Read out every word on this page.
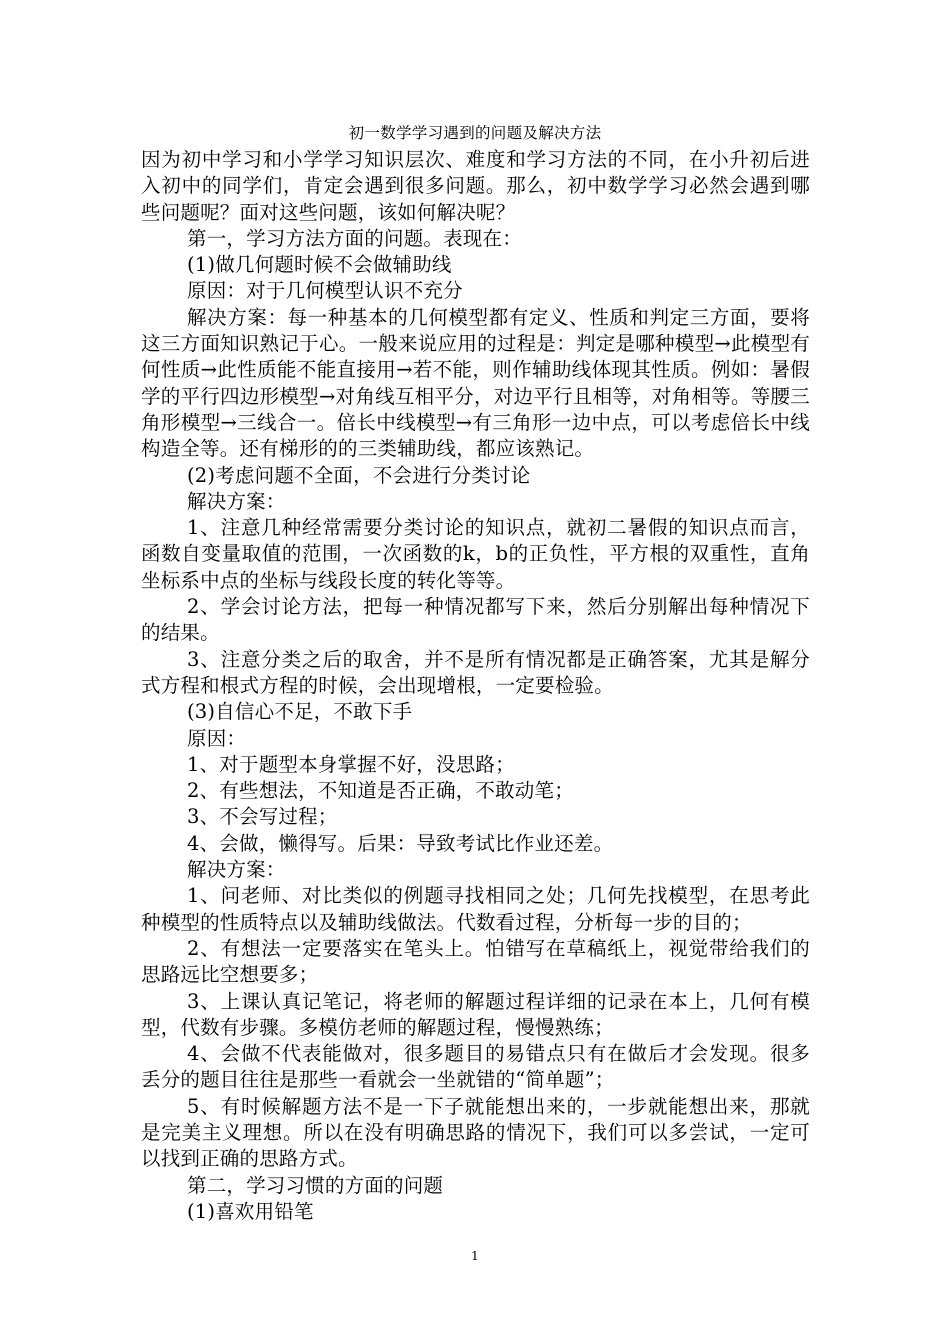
初一数学学习遇到的问题及解决方法

因为初中学习和小学学习知识层次、难度和学习方法的不同，在小升初后进入初中的同学们，肯定会遇到很多问题。那么，初中数学学习必然会遇到哪些问题呢？面对这些问题，该如何解决呢？

第一，学习方法方面的问题。表现在：

(1)做几何题时候不会做辅助线

原因：对于几何模型认识不充分

解决方案：每一种基本的几何模型都有定义、性质和判定三方面，要将这三方面知识熟记于心。一般来说应用的过程是：判定是哪种模型→此模型有何性质→此性质能不能直接用→若不能，则作辅助线体现其性质。例如：暑假学的平行四边形模型→对角线互相平分，对边平行且相等，对角相等。等腰三角形模型→三线合一。倍长中线模型→有三角形一边中点，可以考虑倍长中线构造全等。还有梯形的的三类辅助线，都应该熟记。

(2)考虑问题不全面，不会进行分类讨论

解决方案：

1、注意几种经常需要分类讨论的知识点，就初二暑假的知识点而言，函数自变量取值的范围，一次函数的k，b的正负性，平方根的双重性，直角坐标系中点的坐标与线段长度的转化等等。

2、学会讨论方法，把每一种情况都写下来，然后分别解出每种情况下的结果。

3、注意分类之后的取舍，并不是所有情况都是正确答案，尤其是解分式方程和根式方程的时候，会出现增根，一定要检验。

(3)自信心不足，不敢下手

原因：

1、对于题型本身掌握不好，没思路；

2、有些想法，不知道是否正确，不敢动笔；

3、不会写过程；

4、会做，懒得写。后果：导致考试比作业还差。

解决方案：

1、问老师、对比类似的例题寻找相同之处；几何先找模型，在思考此种模型的性质特点以及辅助线做法。代数看过程，分析每一步的目的；

2、有想法一定要落实在笔头上。怕错写在草稿纸上，视觉带给我们的思路远比空想要多；

3、上课认真记笔记，将老师的解题过程详细的记录在本上，几何有模型，代数有步骤。多模仿老师的解题过程，慢慢熟练；

4、会做不代表能做对，很多题目的易错点只有在做后才会发现。很多丢分的题目往往是那些一看就会一坐就错的“简单题”；

5、有时候解题方法不是一下子就能想出来的，一步就能想出来，那就是完美主义理想。所以在没有明确思路的情况下，我们可以多尝试，一定可以找到正确的思路方式。

第二，学习习惯的方面的问题

(1)喜欢用铅笔

1
